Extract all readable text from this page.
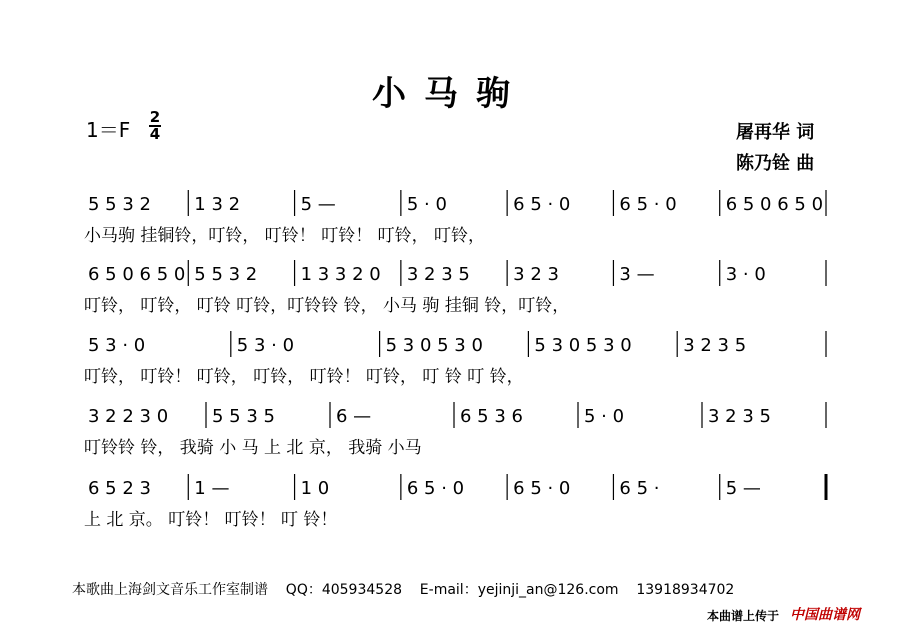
小马驹
1＝F
2
4	屠再华 词
陈乃铨 曲
5 5 3 2 1 3 2	5 —	5 · 0	6 5 · 0	6 5 · 0	6 5 0 6 5 0
小马驹 挂铜铃，叮铃， 叮铃！ 叮铃！ 叮铃， 叮铃，
6 5 0 6 5 0 5 5 3 2 1 3 3 2 0 3 2 3 5 3 2 3	3 —	3 · 0
叮铃， 叮铃， 叮铃 叮铃，叮铃铃 铃， 小马 驹 挂铜 铃，叮铃，
5 3 · 0	5 3 · 0	5 3 0 5 3 0	5 3 0 5 3 0	3 2 3 5
叮铃， 叮铃！ 叮铃， 叮铃， 叮铃！ 叮铃， 叮 铃 叮 铃，
3 2 2 3 0 5 5 3 5	6 —	6 5 3 6	5 · 0	3 2 3 5
叮铃铃 铃， 我骑 小 马 上 北 京， 我骑 小马
6 5 2 3 1 —	1 0	6 5 · 0	6 5 · 0	6 5 ·	5 —
上 北 京。 叮铃！ 叮铃！ 叮 铃！
本歌曲上海剑文音乐工作室制谱    QQ：405934528    E-mail：yejinji_an@126.com    13918934702
本曲谱上传于 中国曲谱网
